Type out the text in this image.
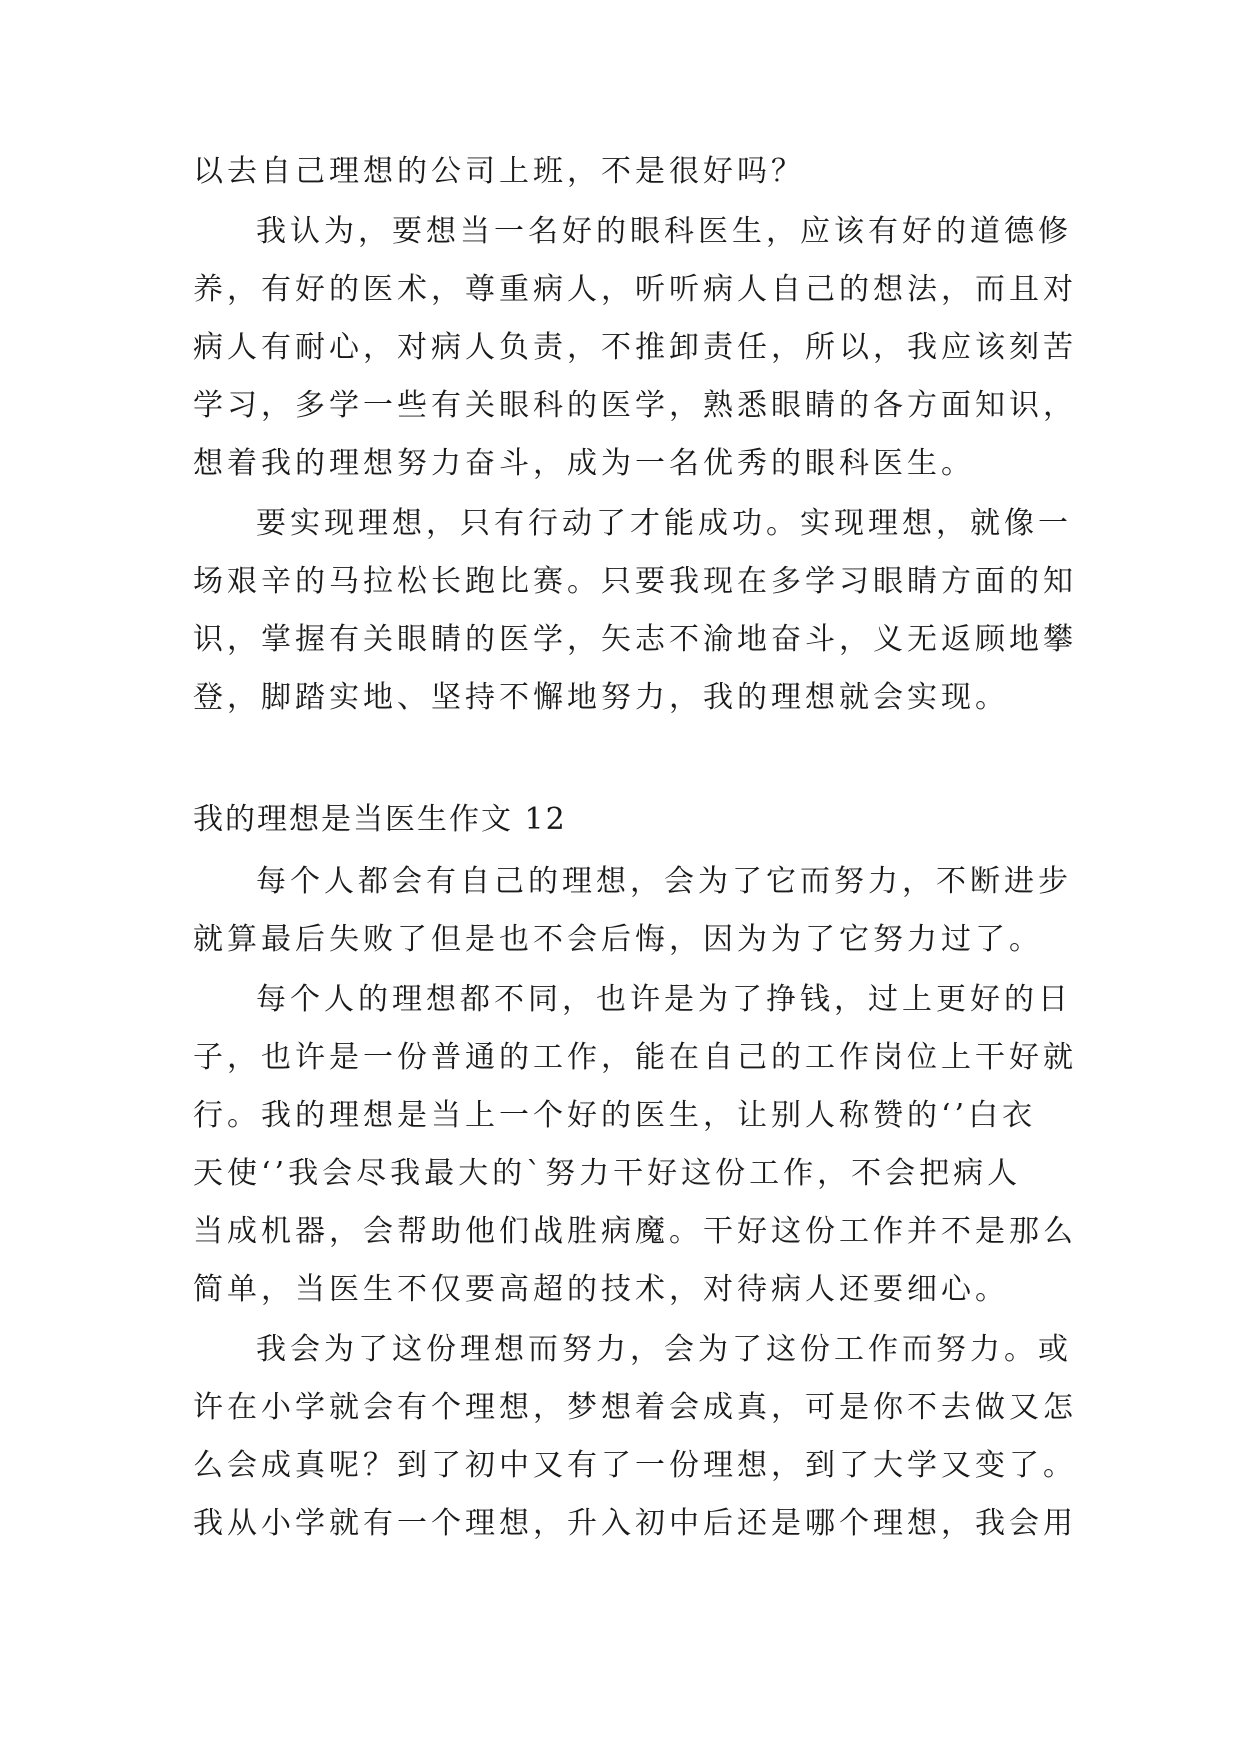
以去自己理想的公司上班，不是很好吗？
我认为，要想当一名好的眼科医生，应该有好的道德修
养，有好的医术，尊重病人，听听病人自己的想法，而且对
病人有耐心，对病人负责，不推卸责任，所以，我应该刻苦
学习，多学一些有关眼科的医学，熟悉眼睛的各方面知识，
想着我的理想努力奋斗，成为一名优秀的眼科医生。
要实现理想，只有行动了才能成功。实现理想，就像一
场艰辛的马拉松长跑比赛。只要我现在多学习眼睛方面的知
识，掌握有关眼睛的医学，矢志不渝地奋斗，义无返顾地攀
登，脚踏实地、坚持不懈地努力，我的理想就会实现。
我的理想是当医生作文 12
每个人都会有自己的理想，会为了它而努力，不断进步
就算最后失败了但是也不会后悔，因为为了它努力过了。
每个人的理想都不同，也许是为了挣钱，过上更好的日
子，也许是一份普通的工作，能在自己的工作岗位上干好就
行。我的理想是当上一个好的医生，让别人称赞的‘’白衣
天使‘’我会尽我最大的`努力干好这份工作，不会把病人
当成机器，会帮助他们战胜病魔。干好这份工作并不是那么
简单，当医生不仅要高超的技术，对待病人还要细心。
我会为了这份理想而努力，会为了这份工作而努力。或
许在小学就会有个理想，梦想着会成真，可是你不去做又怎
么会成真呢？到了初中又有了一份理想，到了大学又变了。
我从小学就有一个理想，升入初中后还是哪个理想，我会用
